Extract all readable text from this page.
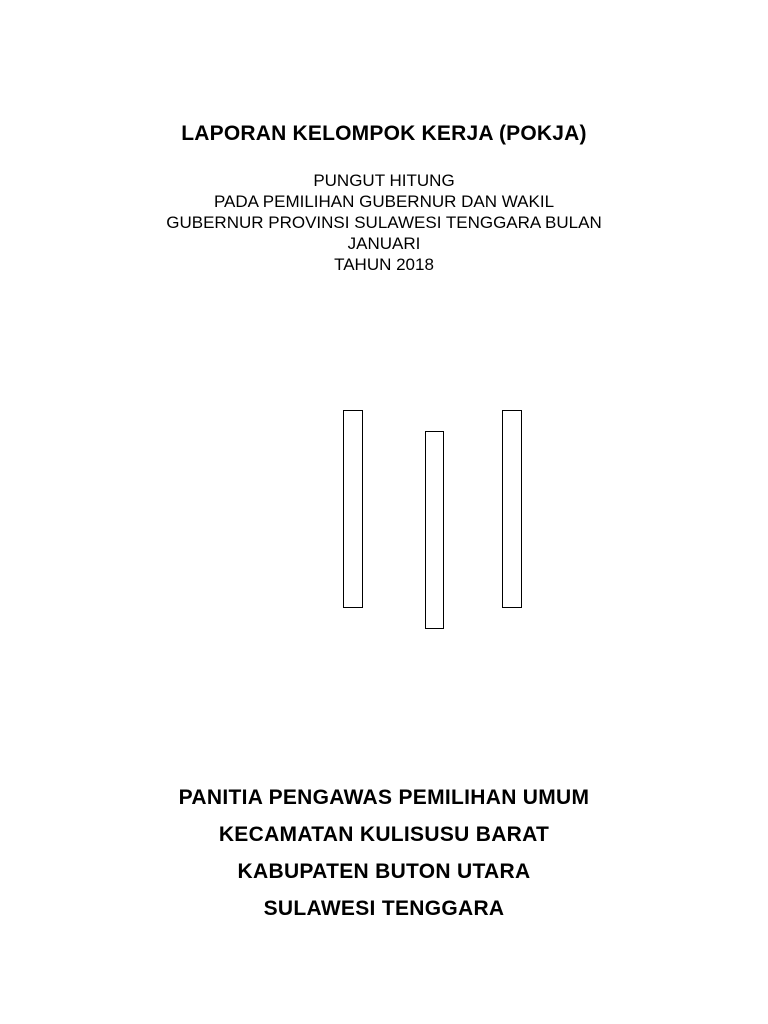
LAPORAN KELOMPOK KERJA (POKJA)
PUNGUT HITUNG
PADA PEMILIHAN GUBERNUR DAN WAKIL
GUBERNUR PROVINSI SULAWESI TENGGARA BULAN
JANUARI
TAHUN 2018
PANITIA PENGAWAS PEMILIHAN UMUM
KECAMATAN KULISUSU BARAT
KABUPATEN BUTON UTARA
SULAWESI TENGGARA
